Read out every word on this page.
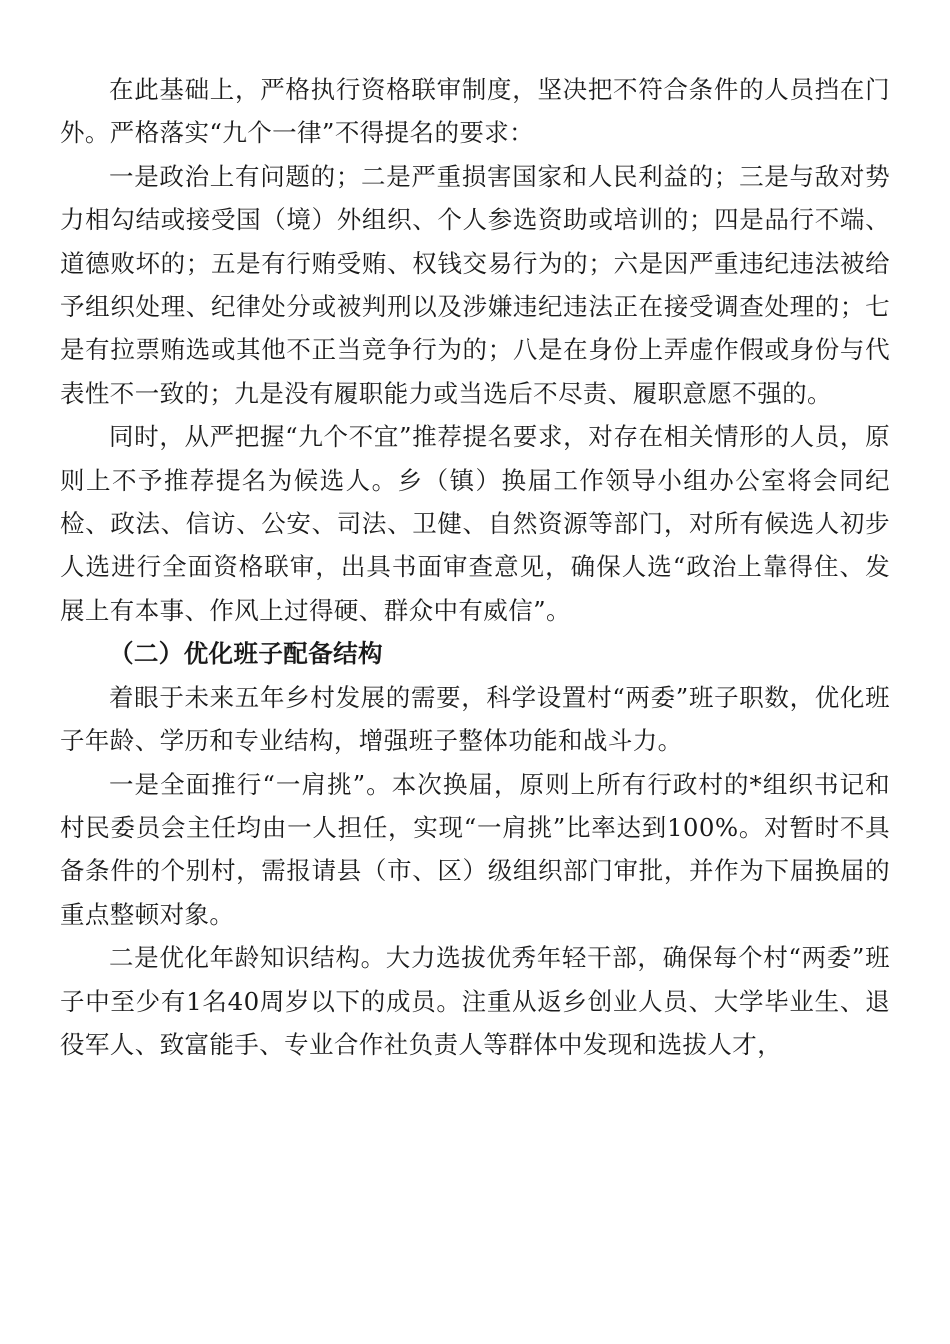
在此基础上，严格执行资格联审制度，坚决把不符合条件的人员挡在门外。严格落实“九个一律”不得提名的要求：

一是政治上有问题的；二是严重损害国家和人民利益的；三是与敌对势力相勾结或接受国（境）外组织、个人参选资助或培训的；四是品行不端、道德败坏的；五是有行贿受贿、权钱交易行为的；六是因严重违纪违法被给予组织处理、纪律处分或被判刑以及涉嫌违纪违法正在接受调查处理的；七是有拉票贿选或其他不正当竞争行为的；八是在身份上弄虚作假或身份与代表性不一致的；九是没有履职能力或当选后不尽责、履职意愿不强的。

同时，从严把握“九个不宜”推荐提名要求，对存在相关情形的人员，原则上不予推荐提名为候选人。乡（镇）换届工作领导小组办公室将会同纪检、政法、信访、公安、司法、卫健、自然资源等部门，对所有候选人初步人选进行全面资格联审，出具书面审查意见，确保人选“政治上靠得住、发展上有本事、作风上过得硬、群众中有威信”。

（二）优化班子配备结构

着眼于未来五年乡村发展的需要，科学设置村“两委”班子职数，优化班子年龄、学历和专业结构，增强班子整体功能和战斗力。

一是全面推行“一肩挑”。本次换届，原则上所有行政村的*组织书记和村民委员会主任均由一人担任，实现“一肩挑”比率达到100%。对暂时不具备条件的个别村，需报请县（市、区）级组织部门审批，并作为下届换届的重点整顿对象。

二是优化年龄知识结构。大力选拔优秀年轻干部，确保每个村“两委”班子中至少有1名40周岁以下的成员。注重从返乡创业人员、大学毕业生、退役军人、致富能手、专业合作社负责人等群体中发现和选拔人才，
